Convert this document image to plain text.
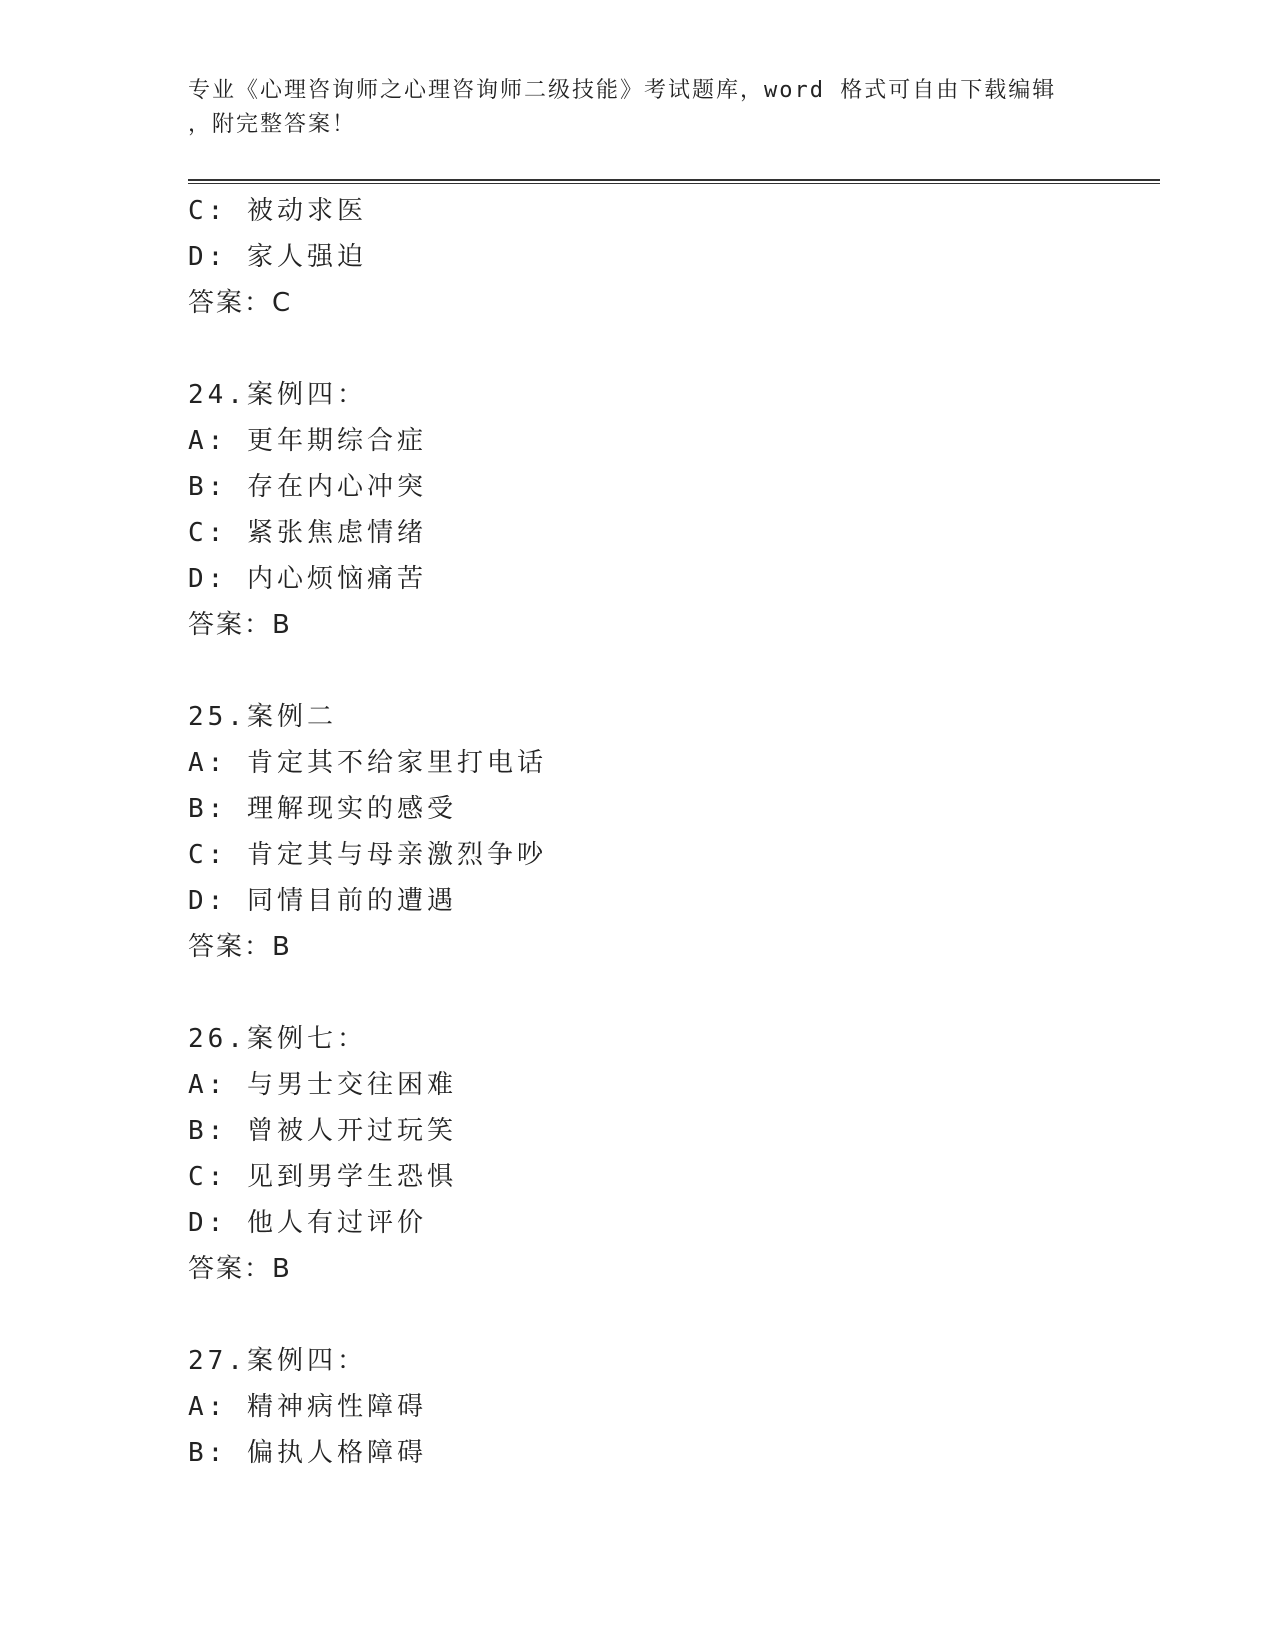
专业《心理咨询师之心理咨询师二级技能》考试题库，word 格式可自由下载编辑
，附完整答案！
C: 被动求医
D: 家人强迫
答案：C
24.案例四：
A: 更年期综合症
B: 存在内心冲突
C: 紧张焦虑情绪
D: 内心烦恼痛苦
答案：B
25.案例二
A: 肯定其不给家里打电话
B: 理解现实的感受
C: 肯定其与母亲激烈争吵
D: 同情目前的遭遇
答案：B
26.案例七：
A: 与男士交往困难
B: 曾被人开过玩笑
C: 见到男学生恐惧
D: 他人有过评价
答案：B
27.案例四：
A: 精神病性障碍
B: 偏执人格障碍
